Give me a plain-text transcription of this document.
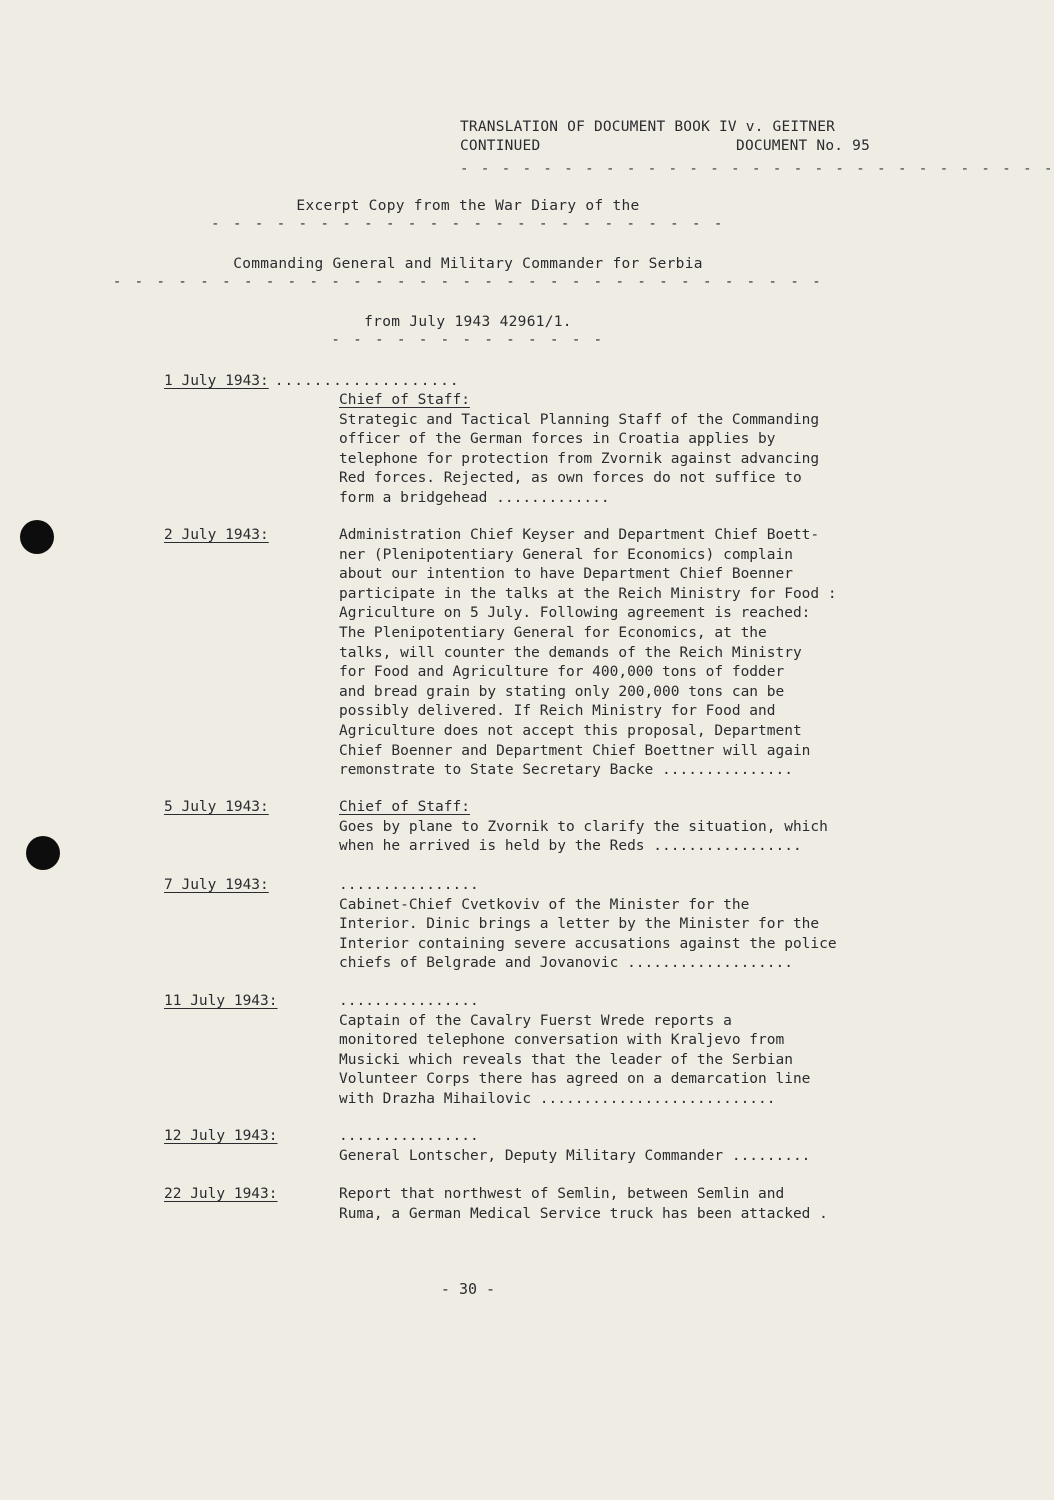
TRANSLATION OF DOCUMENT BOOK IV v. GEITNER
CONTINUED	DOCUMENT No. 95
- - - - - - - - - - - - - - - - - - - - - - - - - - - - -
Excerpt Copy from the War Diary of the
- - - - - - - - - - - - - - - - - - - - - - - -
Commanding General and Military Commander for Serbia
- - - - - - - - - - - - - - - - - - - - - - - - - - - - - - - - -
from July 1943 42961/1.
- - - - - - - - - - - - -
1 July 1943: ...................
Chief of Staff:
Strategic and Tactical Planning Staff of the Commanding
officer of the German forces in Croatia applies by
telephone for protection from Zvornik against advancing
Red forces. Rejected, as own forces do not suffice to
form a bridgehead .............
2 July 1943:	Administration Chief Keyser and Department Chief Boett-
ner (Plenipotentiary General for Economics) complain
about our intention to have Department Chief Boenner
participate in the talks at the Reich Ministry for Food :
Agriculture on 5 July. Following agreement is reached:
The Plenipotentiary General for Economics, at the
talks, will counter the demands of the Reich Ministry
for Food and Agriculture for 400,000 tons of fodder
and bread grain by stating only 200,000 tons can be
possibly delivered. If Reich Ministry for Food and
Agriculture does not accept this proposal, Department
Chief Boenner and Department Chief Boettner will again
remonstrate to State Secretary Backe ...............
5 July 1943:	Chief of Staff:
Goes by plane to Zvornik to clarify the situation, which
when he arrived is held by the Reds .................
7 July 1943:	................
Cabinet-Chief Cvetkoviv of the Minister for the
Interior. Dinic brings a letter by the Minister for the
Interior containing severe accusations against the police
chiefs of Belgrade and Jovanovic ...................
11 July 1943:	................
Captain of the Cavalry Fuerst Wrede reports a
monitored telephone conversation with Kraljevo from
Musicki which reveals that the leader of the Serbian
Volunteer Corps there has agreed on a demarcation line
with Drazha Mihailovic ...........................
12 July 1943:	................
General Lontscher, Deputy Military Commander .........
22 July 1943:	Report that northwest of Semlin, between Semlin and
Ruma, a German Medical Service truck has been attacked .
- 30 -
